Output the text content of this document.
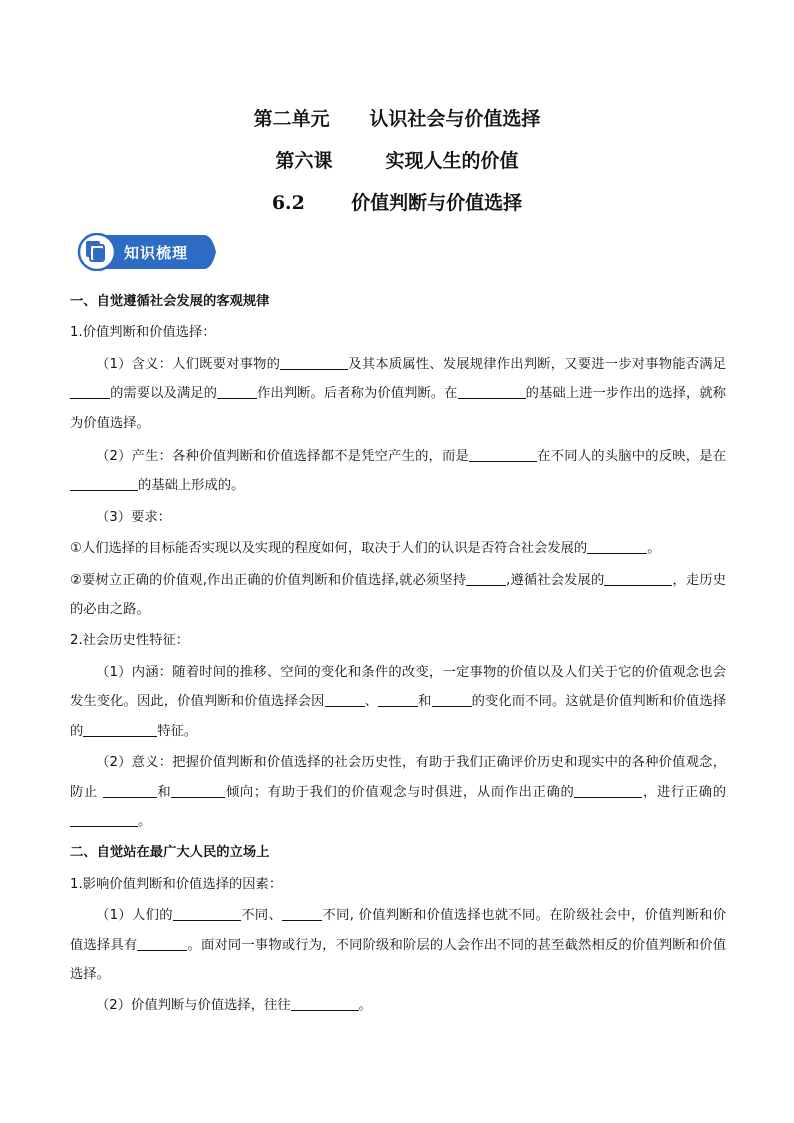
第二单元      认识社会与价值选择
第六课        实现人生的价值
6.2       价值判断与价值选择
知识梳理

一、自觉遵循社会发展的客观规律

1.价值判断和价值选择：

（1）含义：人们既要对事物的	及其本质属性、发展规律作出判断，又要进一步对事物能否满足的需要以及满足的	作出判断。后者称为价值判断。在	的基础上进一步作出的选择，就称为价值选择。

（2）产生：各种价值判断和价值选择都不是凭空产生的，而是	在不同人的头脑中的反映，是在的基础上形成的。

（3）要求：

①人们选择的目标能否实现以及实现的程度如何，取决于人们的认识是否符合社会发展的	。

②要树立正确的价值观,作出正确的价值判断和价值选择,就必须坚持	,遵循社会发展的	，走历史的必由之路。

2.社会历史性特征：

（1）内涵：随着时间的推移、空间的变化和条件的改变，一定事物的价值以及人们关于它的价值观念也会发生变化。因此，价值判断和价值选择会因	、	和	的变化而不同。这就是价值判断和价值选择的	特征。

（2）意义：把握价值判断和价值选择的社会历史性，有助于我们正确评价历史和现实中的各种价值观念，防止	和	倾向；有助于我们的价值观念与时俱进，从而作出正确的	，进行正确的。

二、自觉站在最广大人民的立场上

1.影响价值判断和价值选择的因素：

（1）人们的	不同、	不同, 价值判断和价值选择也就不同。在阶级社会中，价值判断和价值选择具有	。面对同一事物或行为，不同阶级和阶层的人会作出不同的甚至截然相反的价值判断和价值选择。

（2）价值判断与价值选择，往往	。
